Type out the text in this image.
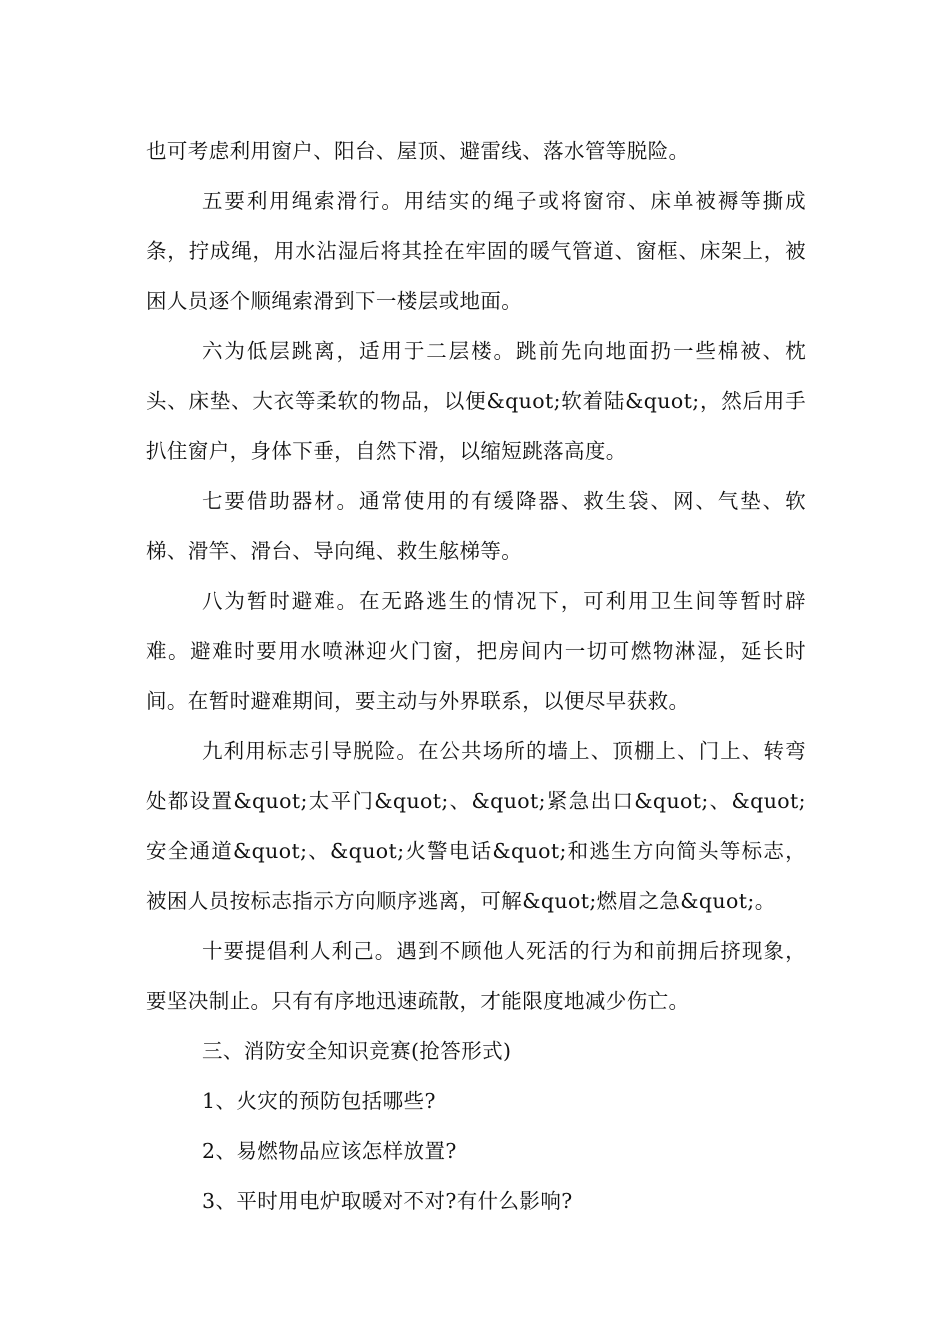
也可考虑利用窗户、阳台、屋顶、避雷线、落水管等脱险。

五要利用绳索滑行。用结实的绳子或将窗帘、床单被褥等撕成条，拧成绳，用水沾湿后将其拴在牢固的暖气管道、窗框、床架上，被困人员逐个顺绳索滑到下一楼层或地面。

六为低层跳离，适用于二层楼。跳前先向地面扔一些棉被、枕头、床垫、大衣等柔软的物品，以便&quot;软着陆&quot;，然后用手扒住窗户，身体下垂，自然下滑，以缩短跳落高度。

七要借助器材。通常使用的有缓降器、救生袋、网、气垫、软梯、滑竿、滑台、导向绳、救生舷梯等。

八为暂时避难。在无路逃生的情况下，可利用卫生间等暂时辟难。避难时要用水喷淋迎火门窗，把房间内一切可燃物淋湿，延长时间。在暂时避难期间，要主动与外界联系，以便尽早获救。

九利用标志引导脱险。在公共场所的墙上、顶棚上、门上、转弯处都设置&quot;太平门&quot;、&quot;紧急出口&quot;、&quot;安全通道&quot;、&quot;火警电话&quot;和逃生方向简头等标志，被困人员按标志指示方向顺序逃离，可解&quot;燃眉之急&quot;。

十要提倡利人利己。遇到不顾他人死活的行为和前拥后挤现象，要坚决制止。只有有序地迅速疏散，才能限度地减少伤亡。

三、消防安全知识竞赛(抢答形式)

1、火灾的预防包括哪些?

2、易燃物品应该怎样放置?

3、平时用电炉取暖对不对?有什么影响?
